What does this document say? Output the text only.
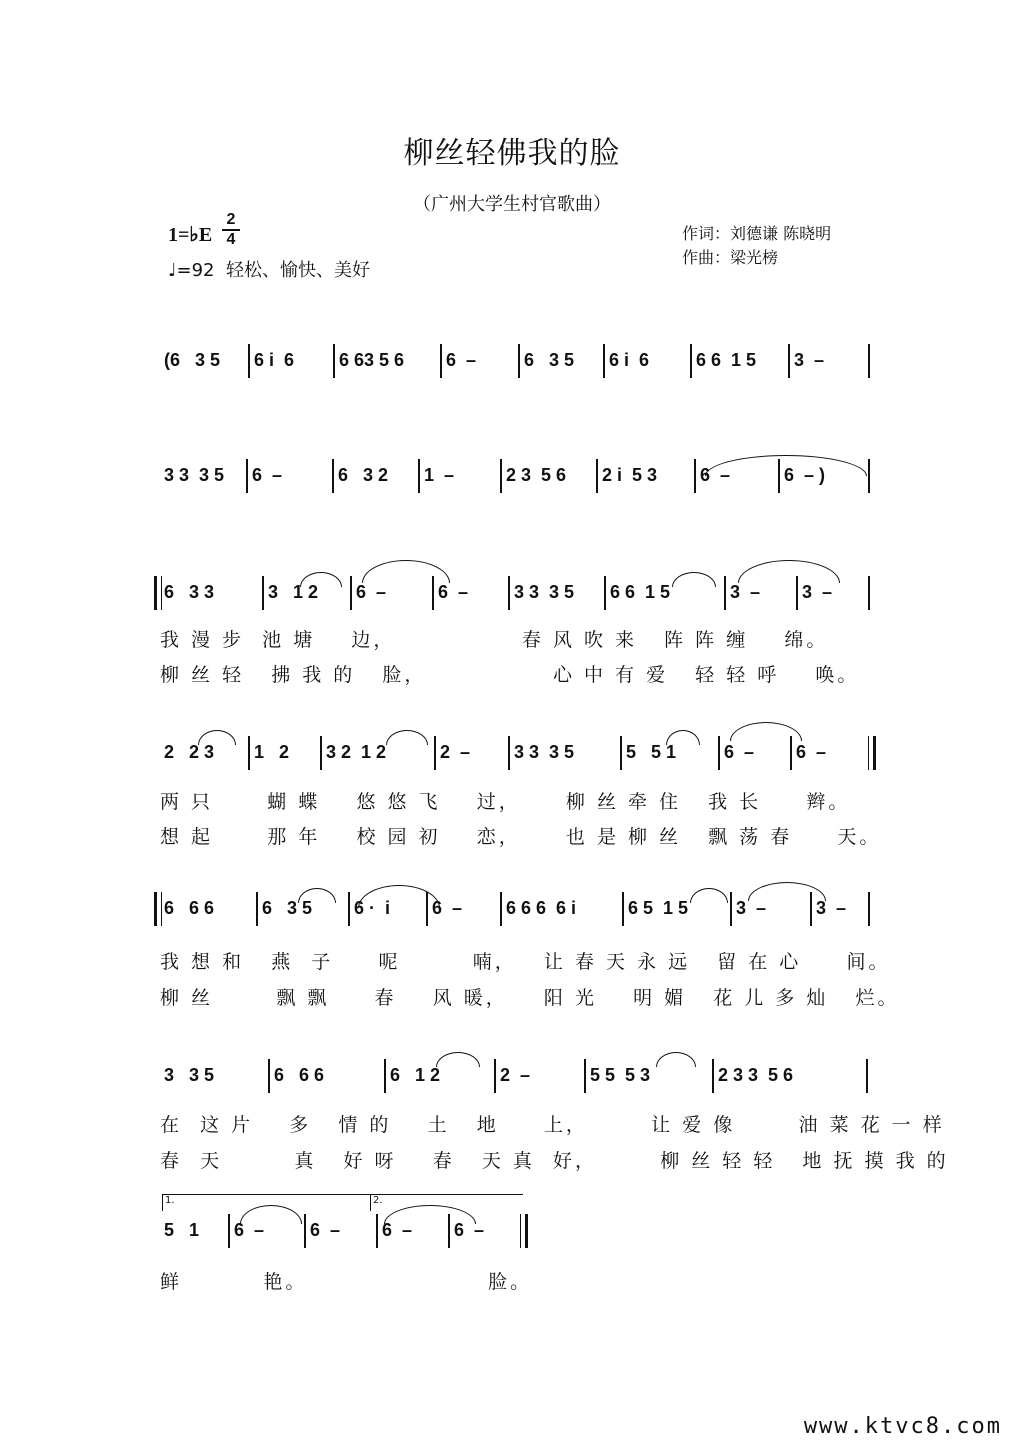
柳丝轻佛我的脸
（广州大学生村官歌曲）
1=♭E
2
4
♩=92 轻松、愉快、美好
作词：刘德谦 陈晓明
作曲：梁光榜
(6   3 5 6 i  6 6 63 5 6 6  –	6   3 5 6 i  6	6 6  1 5 3  –
3 3  3 5 6  –	6   3 2 1  –	2 3  5 6 2 i  5 3 6  –	6  – )
6   3 3	3   1 2 6  –	6  –	3 3  3 5 6 6  1 5	3  – 3  –
我 漫 步  池 塘    边，              春 风 吹 来   阵 阵 缠    绵。
柳 丝 轻   拂 我 的   脸，              心 中 有 爱   轻 轻 呼    唤。
2   2 3 1   2 3 2  1 2	2  – 3 3  3 5	5   5 1	6  – 6  –
两 只      蝴 蝶    悠 悠 飞    过，     柳 丝 牵 住   我 长     辫。
想 起      那 年    校 园 初    恋，     也 是 柳 丝   飘 荡 春     天。
6   6 6	6   3 5 6 ·  i 6  – 6 6 6  6 i	6 5  1 5	3  –	3  –
我 想 和   燕  子     呢        喃，   让 春 天 永 远   留 在 心     间。
柳 丝       飘 飘     春    风 暖，    阳 光    明 媚   花 儿 多 灿   烂。
3   3 5	6   6 6	6   1 2	2  –	5 5  5 3	2 3 3  5 6
在  这 片    多   情 的    土   地     上，       让 爱 像       油 菜 花 一 样
春  天        真   好 呀    春   天 真  好，       柳 丝 轻 轻   地 抚 摸 我 的
5   1 6  –	6  – 6  – 6  –
鲜         艳。                    脸。
1.	2.
www.ktvc8.com
